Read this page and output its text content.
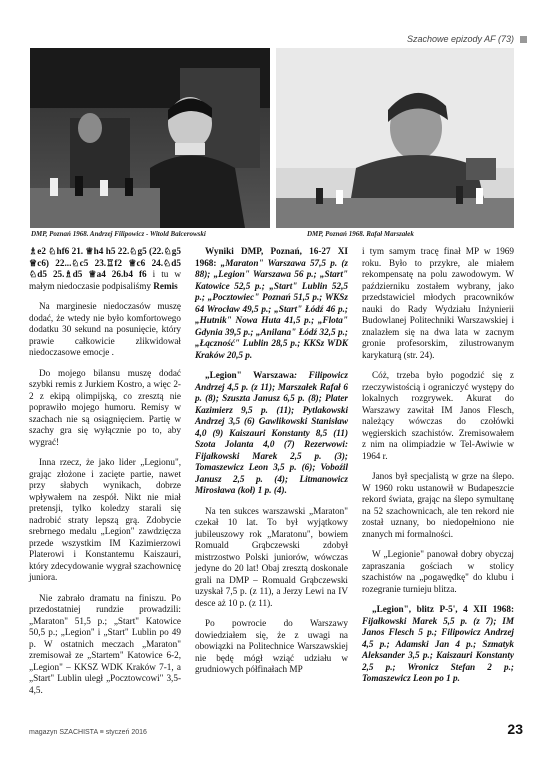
Szachowe epizody AF (73)
DMP, Poznań 1968. Andrzej Filipowicz - Witold Balcerowski	DMP, Poznań 1968. Rafał Marszałek

♗e2 ♘hf6 21. ♕h4 h5 22.♘g5 (22.♘g5 ♕c6) 22...♘c5 23.♖f2 ♕c6 24.♘d5 ♘d5 25.♗d5 ♕a4 26.b4 f6 i tu w małym niedoczasie podpisaliśmy Remis

Na marginesie niedoczasów muszę dodać, że wtedy nie było komfortowego dodatku 30 sekund na posunięcie, który prawie całkowicie zlikwidował niedoczasowe emocje .

Do mojego bilansu muszę dodać szybki remis z Jurkiem Kostro, a więc 2-2 z ekipą olimpijską, co zresztą nie poprawiło mojego humoru. Remisy w szachach nie są osiągnięciem. Partię w szachy gra się wyłącznie po to, aby wygrać!

Inna rzecz, że jako lider „Legionu", grając złożone i zacięte partie, nawet przy słabych wynikach, dobrze wpływałem na zespół. Nikt nie miał pretensji, tylko koledzy starali się nadrobić straty lepszą grą. Zdobycie srebrnego medalu „Legion" zawdzięcza przede wszystkim IM Kazimierzowi Platerowi i Konstantemu Kaiszauri, który zdecydowanie wygrał szachownicę juniora.

Nie zabrało dramatu na finiszu. Po przedostatniej rundzie prowadzili: „Maraton" 51,5 p.; „Start" Katowice 50,5 p.; „Legion" i „Start" Lublin po 49 p. W ostatnich meczach „Maraton" zremisował ze „Startem" Katowice 6-2, „Legion" – KKSZ WDK Kraków 7-1, a „Start" Lublin uległ „Pocztowcowi" 3,5-4,5.

Wyniki DMP, Poznań, 16-27 XI 1968: „Maraton" Warszawa 57,5 p. (z 88); „Legion" Warszawa 56 p.; „Start" Katowice 52,5 p.; „Start" Lublin 52,5 p.; „Pocztowiec" Poznań 51,5 p.; WKSz 64 Wrocław 49,5 p.; „Start" Łódź 46 p.; „Hutnik" Nowa Huta 41,5 p.; „Flota" Gdynia 39,5 p.; „Anilana" Łódź 32,5 p.; „Łączność" Lublin 28,5 p.; KKSz WDK Kraków 20,5 p.

„Legion" Warszawa: Filipowicz Andrzej 4,5 p. (z 11); Marszałek Rafał 6 p. (8); Szuszta Janusz 6,5 p. (8); Plater Kazimierz 9,5 p. (11); Pytlakowski Andrzej 3,5 (6) Gawlikowski Stanisław 4,0 (9) Kaiszauri Konstanty 8,5 (11) Szota Jolanta 4,0 (7) Rezerwowi: Fijałkowski Marek 2,5 p. (3); Tomaszewicz Leon 3,5 p. (6); Voboźil Janusz 2,5 p. (4); Litmanowicz Mirosława (koł) 1 p. (4).

Na ten sukces warszawski „Maraton" czekał 10 lat. To był wyjątkowy jubileuszowy rok „Maratonu", bowiem Romuald Grąbczewski zdobył mistrzostwo Polski juniorów, wówczas jedyne do 20 lat! Obaj zresztą doskonale grali na DMP – Romuald Grąbczewski uzyskał 7,5 p. (z 11), a Jerzy Lewi na IV desce aż 10 p. (z 11).

Po powrocie do Warszawy dowiedziałem się, że z uwagi na obowiązki na Politechnice Warszawskiej nie będę mógł wziąć udziału w grudniowych półfinałach MP

i tym samym tracę finał MP w 1969 roku. Było to przykre, ale miałem rekompensatę na polu zawodowym. W październiku zostałem wybrany, jako przedstawiciel młodych pracowników nauki do Rady Wydziału Inżynierii Budowlanej Politechniki Warszawskiej i znalazłem się na dwa lata w zacnym gronie profesorskim, zilustrowanym karykaturą (str. 24).

Cóż, trzeba było pogodzić się z rzeczywistością i ograniczyć występy do lokalnych rozgrywek. Akurat do Warszawy zawitał IM Janos Flesch, należący wówczas do czołówki węgierskich szachistów. Zremisowałem z nim na olimpiadzie w Tel-Awiwie w 1964 r.

Janos był specjalistą w grze na ślepo. W 1960 roku ustanowił w Budapeszcie rekord świata, grając na ślepo symultanę na 52 szachownicach, ale ten rekord nie został uznany, bo niedopełniono nie znanych mi formalności.

W „Legionie" panował dobry obyczaj zapraszania gościach w stolicy szachistów na „pogawędkę" do klubu i rozegranie turnieju blitza.

„Legion", blitz P-5', 4 XII 1968: Fijałkowski Marek 5,5 p. (z 7); IM Janos Flesch 5 p.; Filipowicz Andrzej 4,5 p.; Adamski Jan 4 p.; Szmatyk Aleksander 3,5 p.; Kaiszauri Konstanty 2,5 p.; Wronicz Stefan 2 p.; Tomaszewicz Leon po 1 p.

magazyn SZACHISTA ≡ styczeń 2016	23
